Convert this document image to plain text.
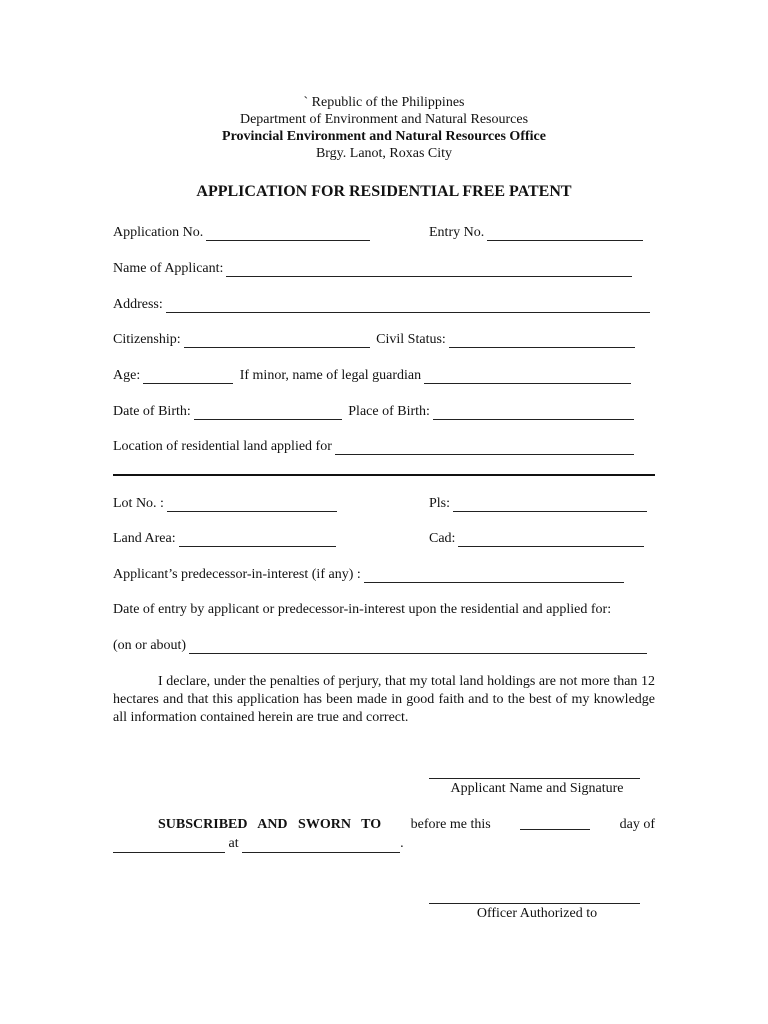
` Republic of the Philippines
Department of Environment and Natural Resources
Provincial Environment and Natural Resources Office
Brgy. Lanot, Roxas City
APPLICATION FOR RESIDENTIAL FREE PATENT
Application No.	Entry No.
Name of Applicant:
Address:
Citizenship:	Civil Status:
Age:	If minor, name of legal guardian
Date of Birth:	Place of Birth:
Location of residential land applied for
Lot No. :	Pls:
Land Area:	Cad:
Applicant’s predecessor-in-interest (if any) :
Date of entry by applicant or predecessor-in-interest upon the residential and applied for:
(on or about)
I declare, under the penalties of perjury, that my total land holdings are not more than 12 hectares and that this application has been made in good faith and to the best of my knowledge all information contained herein are true and correct.
Applicant Name and Signature
SUBSCRIBED AND SWORN TO before me this	day of
at	.
Officer Authorized to
